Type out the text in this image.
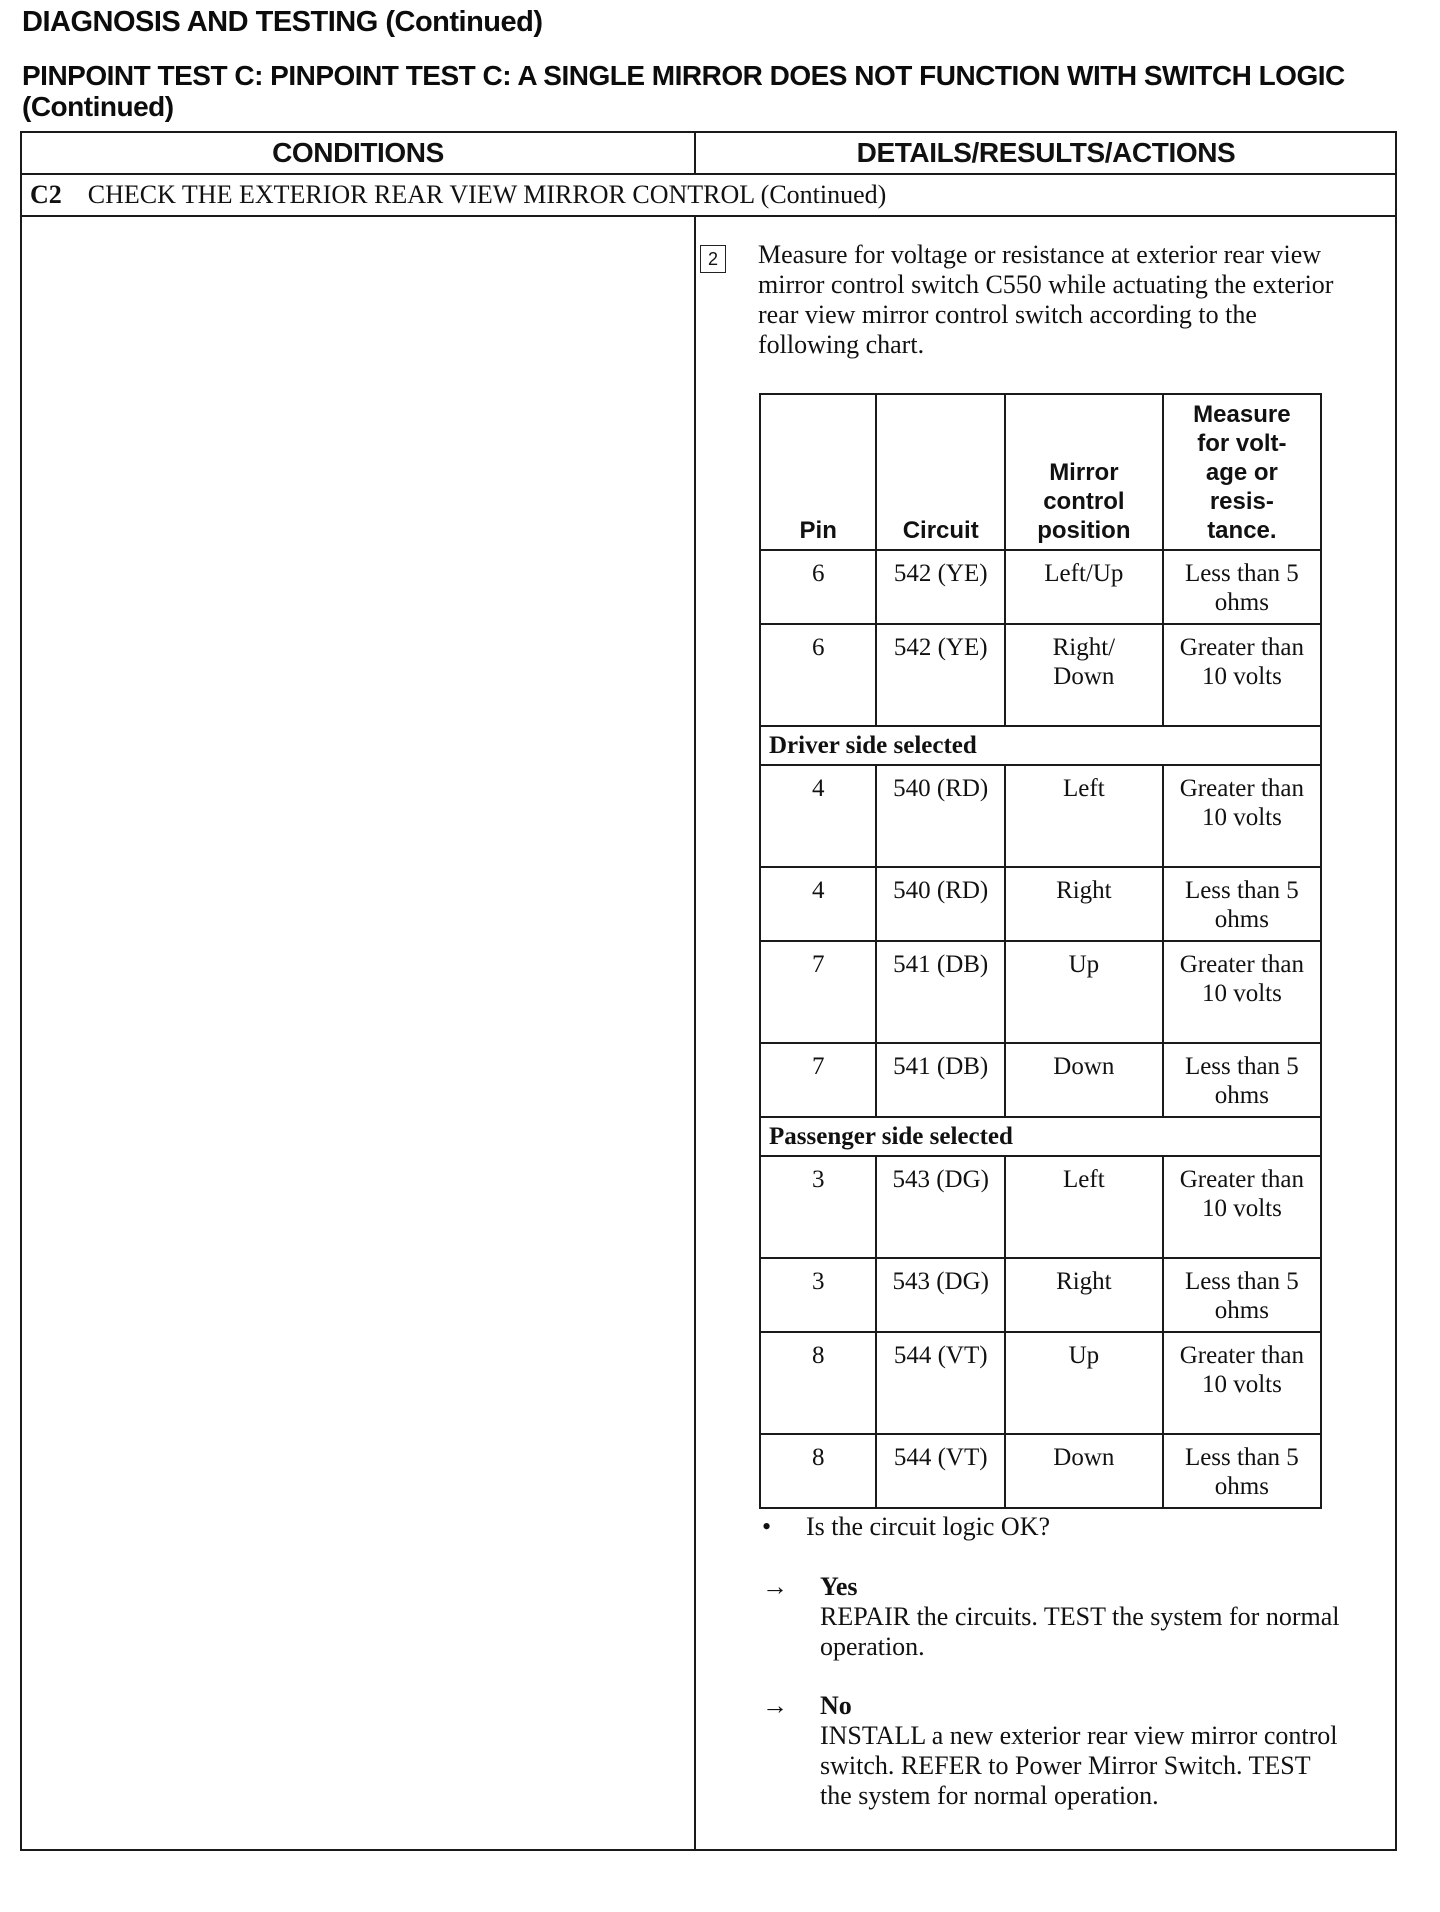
DIAGNOSIS AND TESTING (Continued)
PINPOINT TEST C: PINPOINT TEST C: A SINGLE MIRROR DOES NOT FUNCTION WITH SWITCH LOGIC (Continued)
CONDITIONS	DETAILS/RESULTS/ACTIONS
C2 CHECK THE EXTERIOR REAR VIEW MIRROR CONTROL (Continued)
2	Measure for voltage or resistance at exterior rear view mirror control switch C550 while actuating the exterior rear view mirror control switch according to the following chart.
Pin	Circuit	Mirror control position	Measure for volt- age or resis- tance.
6	542 (YE)	Left/Up	Less than 5 ohms
6	542 (YE)	Right/ Down	Greater than 10 volts
Driver side selected			
4	540 (RD)	Left	Greater than 10 volts
4	540 (RD)	Right	Less than 5 ohms
7	541 (DB)	Up	Greater than 10 volts
7	541 (DB)	Down	Less than 5 ohms
Passenger side selected			
3	543 (DG)	Left	Greater than 10 volts
3	543 (DG)	Right	Less than 5 ohms
8	544 (VT)	Up	Greater than 10 volts
8	544 (VT)	Down	Less than 5 ohms
• Is the circuit logic OK?
→	Yes
REPAIR the circuits. TEST the system for normal operation.
→	No
INSTALL a new exterior rear view mirror control switch. REFER to Power Mirror Switch. TEST the system for normal operation.
